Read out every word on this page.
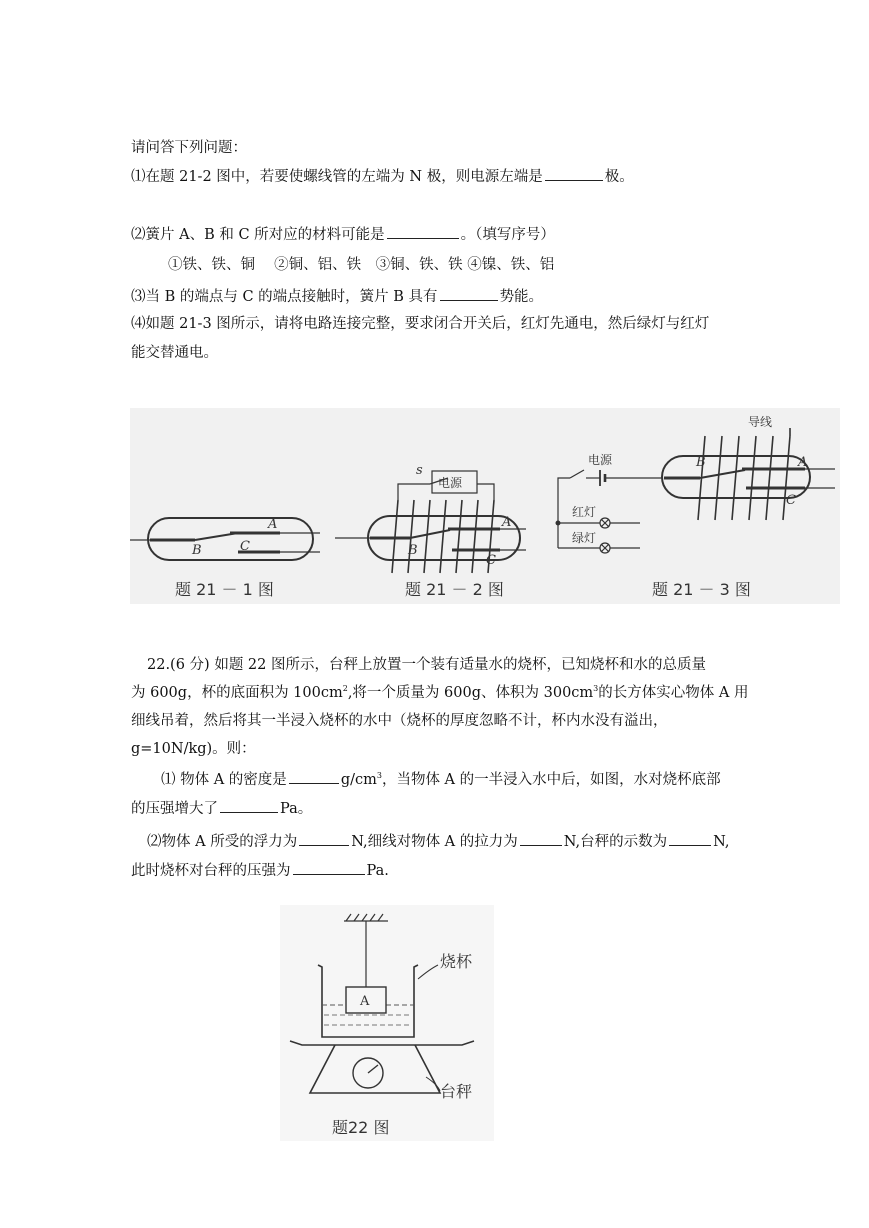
请问答下列问题：
⑴在题 21-2 图中，若要使螺线管的左端为 N 极，则电源左端是	极。
⑵簧片 A、B 和 C 所对应的材料可能是	。（填写序号）
①铁、铁、铜　 ②铜、铝、铁　③铜、铁、铁 ④镍、铁、铝
⑶当 B 的端点与 C 的端点接触时，簧片 B 具有	势能。
⑷如题 21-3 图所示，请将电路连接完整，要求闭合开关后，红灯先通电，然后绿灯与红灯
能交替通电。
A
B	C
题 21 － 1 图
电源
s
A
B
C
题 21 － 2 图
电源
红灯
绿灯
导线
B	A
C
题 21 － 3 图
22.(6 分) 如题 22 图所示，台秤上放置一个装有适量水的烧杯，已知烧杯和水的总质量
为 600g，杯的底面积为 $100cm^2$,将一个质量为 600g、体积为 $300cm^3$的长方体实心物体 A 用
细线吊着，然后将其一半浸入烧杯的水中（烧杯的厚度忽略不计，杯内水没有溢出，
g=10N/kg)。则：
⑴ 物体 A 的密度是	$g/cm^3$，当物体 A 的一半浸入水中后，如图，水对烧杯底部
的压强增大了	Pa。
⑵物体 A 所受的浮力为	N,细线对物体 A 的拉力为	N,台秤的示数为	N,
此时烧杯对台秤的压强为	Pa.
A
烧杯
台秤
题22 图
